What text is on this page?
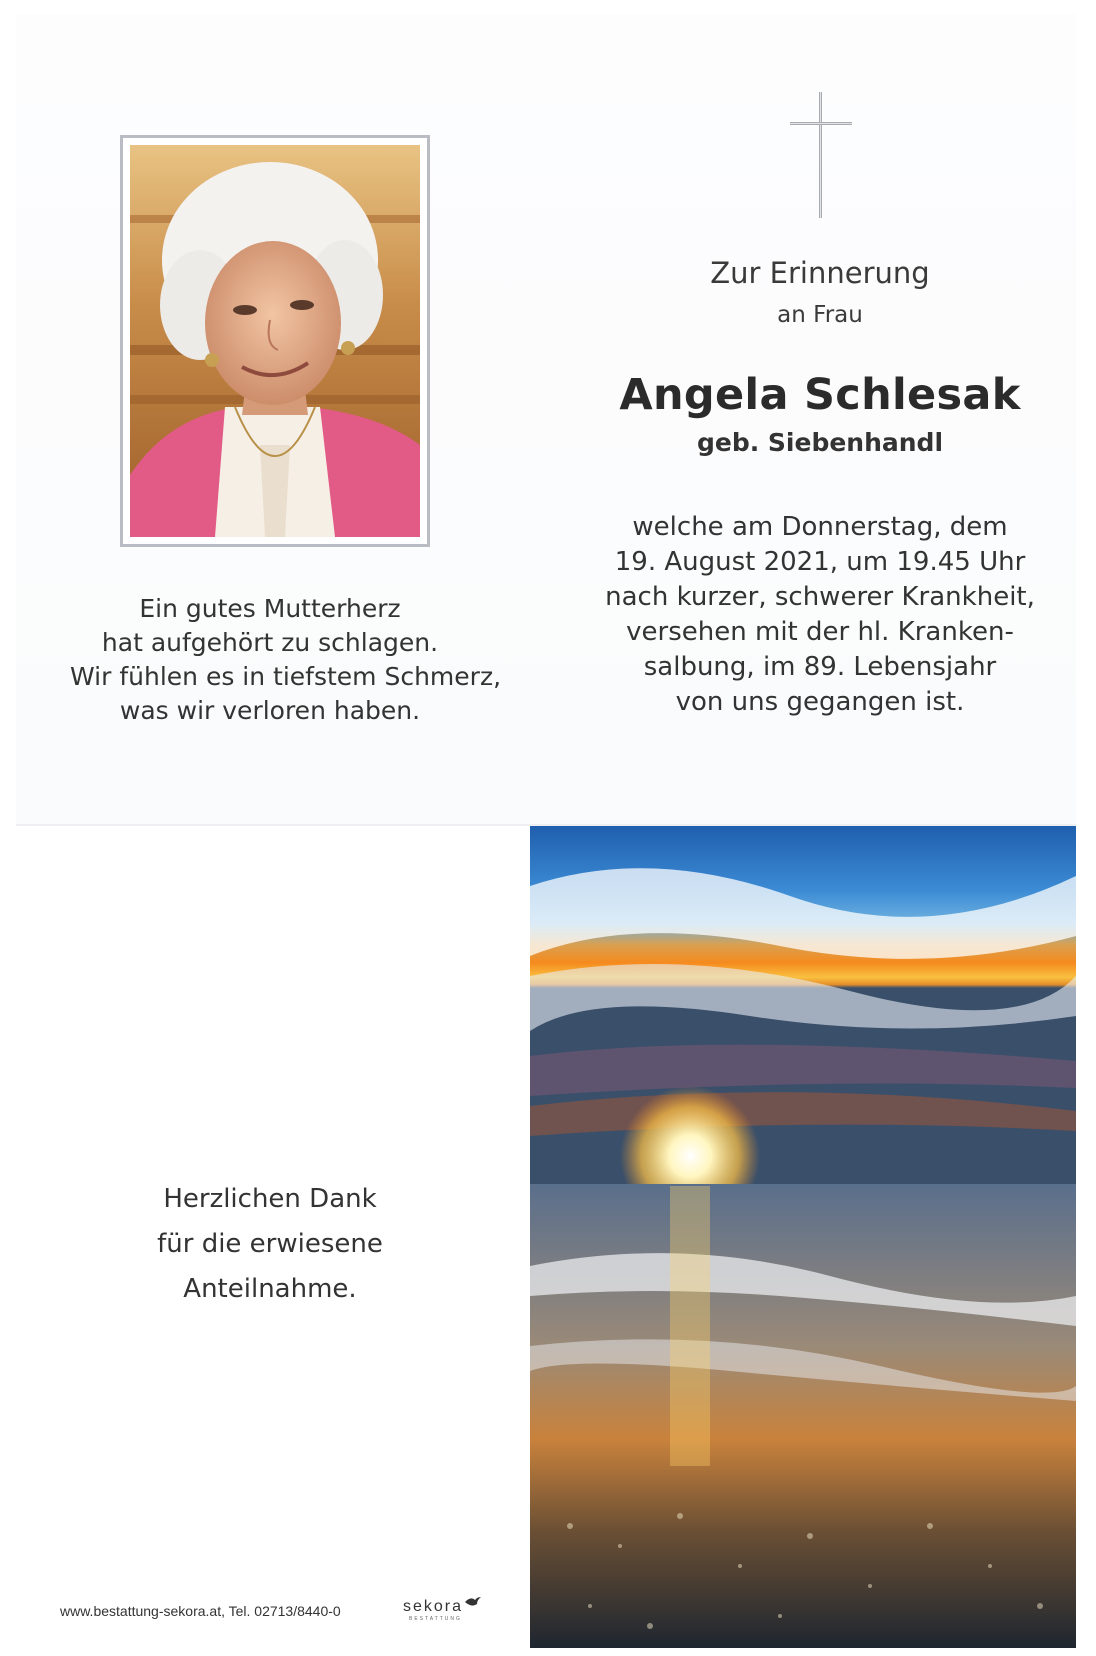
Zur Erinnerung
an Frau
Angela Schlesak
geb. Siebenhandl
welche am Donnerstag, dem
19. August 2021, um 19.45 Uhr
nach kurzer, schwerer Krankheit,
versehen mit der hl. Kranken-
salbung, im 89. Lebensjahr
von uns gegangen ist.
Ein gutes Mutterherz
hat aufgehört zu schlagen.
Wir fühlen es in tiefstem Schmerz,
was wir verloren haben.
Herzlichen Dank
für die erwiesene
Anteilnahme.
www.bestattung-sekora.at, Tel. 02713/8440-0	sekora
BESTATTUNG
